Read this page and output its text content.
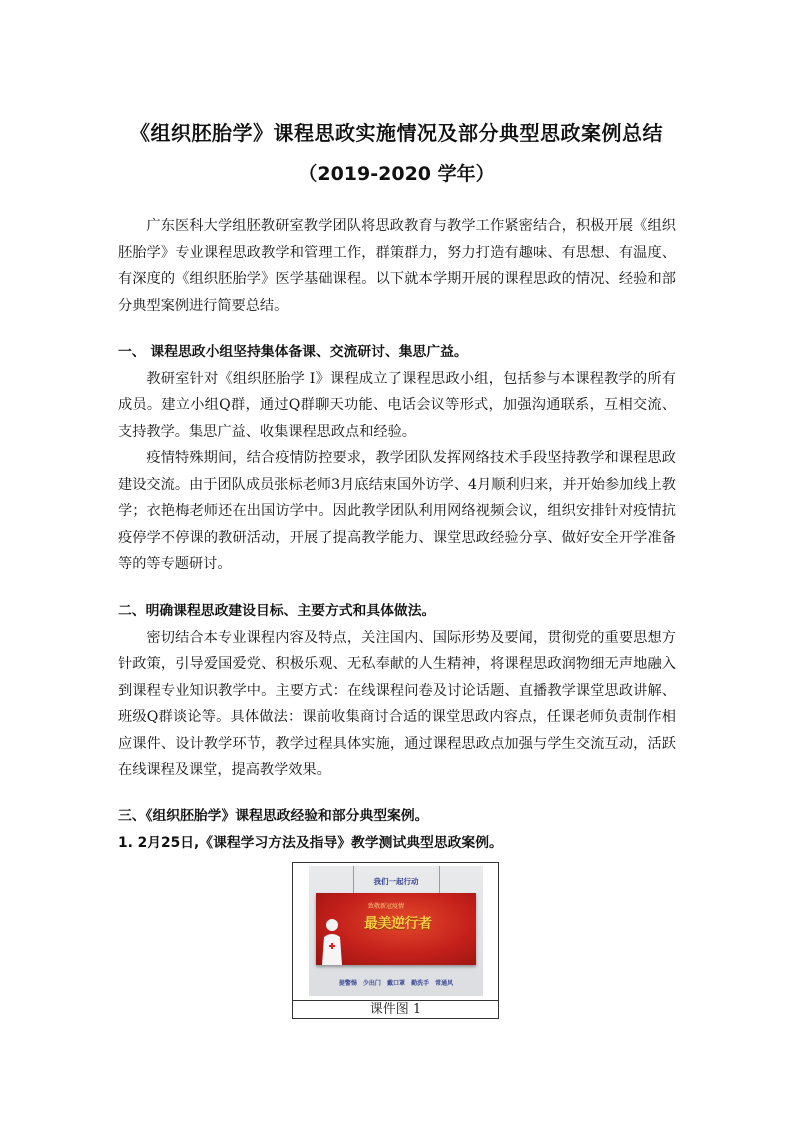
《组织胚胎学》课程思政实施情况及部分典型思政案例总结
（2019-2020 学年）

广东医科大学组胚教研室教学团队将思政教育与教学工作紧密结合，积极开展《组织胚胎学》专业课程思政教学和管理工作，群策群力，努力打造有趣味、有思想、有温度、有深度的《组织胚胎学》医学基础课程。以下就本学期开展的课程思政的情况、经验和部分典型案例进行简要总结。

一、 课程思政小组坚持集体备课、交流研讨、集思广益。

教研室针对《组织胚胎学 I》课程成立了课程思政小组，包括参与本课程教学的所有成员。建立小组Q群，通过Q群聊天功能、电话会议等形式，加强沟通联系，互相交流、支持教学。集思广益、收集课程思政点和经验。

疫情特殊期间，结合疫情防控要求，教学团队发挥网络技术手段坚持教学和课程思政建设交流。由于团队成员张标老师3月底结束国外访学、4月顺利归来，并开始参加线上教学；衣艳梅老师还在出国访学中。因此教学团队利用网络视频会议，组织安排针对疫情抗疫停学不停课的教研活动，开展了提高教学能力、课堂思政经验分享、做好安全开学准备等的等专题研讨。

二、明确课程思政建设目标、主要方式和具体做法。

密切结合本专业课程内容及特点，关注国内、国际形势及要闻，贯彻党的重要思想方针政策，引导爱国爱党、积极乐观、无私奉献的人生精神，将课程思政润物细无声地融入到课程专业知识教学中。主要方式：在线课程问卷及讨论话题、直播教学课堂思政讲解、班级Q群谈论等。具体做法：课前收集商讨合适的课堂思政内容点，任课老师负责制作相应课件、设计教学环节，教学过程具体实施，通过课程思政点加强与学生交流互动，活跃在线课程及课堂，提高教学效果。

三、《组织胚胎学》课程思政经验和部分典型案例。

1. 2月25日,《课程学习方法及指导》教学测试典型思政案例。

我们一起行动
致敬新冠疫情
最美逆行者
提警惕 少出门 戴口罩 勤洗手 常通风
课件图 1
